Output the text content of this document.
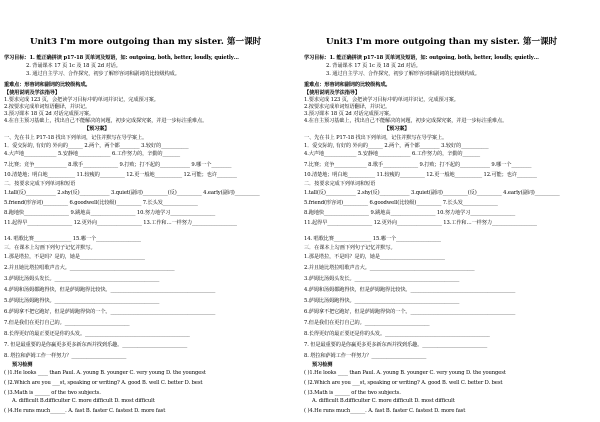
Unit3 I'm more outgoing than my sister. 第一课时
学习目标：1. 能正确拼读 p17-18 页单词及短语，如: outgoing, both, better, loudly, quietly…
2. 背诵课本 17 页 1c 及 18 页 2d 对话。
3. 通过自主学习、合作探究，初步了解形容词和副词的比较级构成。
重难点：形容词和副词的比较级构成。
【使用说明及学法指导】
1.要求完成 123 页，会把读学习目标中的单词并识记，完成预习案。
2.按要求完成单词短语翻译，并识记。
3.预习课本 18 页 2d 对话完成预习案。
4.在自主预习基础上，找出自己不能解决的问题，初步完成探究案，并进一步标注重难点。
【预习案】
一、先在书上 P17-18 找出下列单词，记住并默写在导学案上。
1．爱交际的, 有好的 外向的______ 2.两个，两个都________ 3.较好的___________
4.大声地_____________ 5.安静地_____________ 6.工作努力的，辛勤的_______
7.比赛；竞争_____________ 8.歌手______________ 9.打败；打不起的____________ 9.哪一个________
10.清楚地；明白地___________ 11.较瘦的__________ 12.更一般地___________ 12.可能；也许________
二．按要求完成下列单词和短语
1.tall(反)____________ 2.shy(反)____________ 3.quiet(副词)__________(反)__________ 4.early(副词)__________
5.friend(形容词)__________ 6.goodwell(比较级)__________ 7.长头发______________
8.跑地快__________________ 9.跳地高__________________ 10.努力地学习__________________
11.起得早__________________ 12.更外向__________________ 13.工作和…一样努力__________________
14. 唱歌比赛_______________ 15.哪一个__________________
三．在课本上勾画下列句子记忆并默写。
1.那是塔拉，不是吗？是的，她是__________________________
2.并且她比塔拉唱歌声音大。__________________________________________
3.萨姆比汤姆头发长。__________________________________________
4.萨姆和汤姆都跑得快，但是萨姆跑得比较快。__________________________________________
5.萨姆比汤姆跑得快。__________________________________________
6.萨姆拿不把它跑好，但是萨姆跑得快的一个。__________________________________________
7.但是我们在更打自己的。__________________________
8.长得更好的最正要还是你的头发。__________________________________________
7. 但是最重要的是你赢更多更多新东西并找到乐趣。__________________________
8. 塔拉和萨姆工作一样努力？______________________
预习检测
( )1.He looks ____ than Paul. A. young B. younger C. very young D. the youngest
( )2.Which are you ___st, speaking or writing? A. good B. well C. better D. best
( )3.Math is ______ of the two subjects.
A. difficult B.difficulter C. more difficult D. most difficult
( )4.He runs much______. A. fast B. faster C. fastest D. more fast
Unit3 I'm more outgoing than my sister. 第一课时
学习目标：1. 能正确拼读 p17-18 页单词及短语，如: outgoing, both, better, loudly, quietly…
2. 背诵课本 17 页 1c 及 18 页 2d 对话。
3. 通过自主学习、合作探究，初步了解形容词和副词的比较级构成。
重难点：形容词和副词的比较级构成。
【使用说明及学法指导】
1.要求完成 123 页，会把读学习目标中的单词并识记，完成预习案。
2.按要求完成单词短语翻译，并识记。
3.预习课本 18 页 2d 对话完成预习案。
4.在自主预习基础上，找出自己不能解决的问题，初步完成探究案，并进一步标注重难点。
【预习案】
一、先在书上 P17-18 找出下列单词，记住并默写在导学案上。
1．爱交际的, 有好的 外向的______ 2.两个，两个都________ 3.较好的___________
4.大声地_____________ 5.安静地_____________ 6.工作努力的，辛勤的_______
7.比赛；竞争_____________ 8.歌手______________ 9.打败；打不起的____________ 9.哪一个________
10.清楚地；明白地___________ 11.较瘦的__________ 12.更一般地___________ 12.可能；也许________
二．按要求完成下列单词和短语
1.tall(反)____________ 2.shy(反)____________ 3.quiet(副词)__________(反)__________ 4.early(副词)__________
5.friend(形容词)__________ 6.goodwell(比较级)__________ 7.长头发______________
8.跑地快__________________ 9.跳地高__________________ 10.努力地学习__________________
11.起得早__________________ 12.更外向__________________ 13.工作和…一样努力__________________
14. 唱歌比赛_______________ 15.哪一个__________________
三．在课本上勾画下列句子记忆并默写。
1.那是塔拉，不是吗？是的，她是__________________________
2.并且她比塔拉唱歌声音大。__________________________________________
3.萨姆比汤姆头发长。__________________________________________
4.萨姆和汤姆都跑得快，但是萨姆跑得比较快。__________________________________________
5.萨姆比汤姆跑得快。__________________________________________
6.萨姆拿不把它跑好，但是萨姆跑得快的一个。__________________________________________
7.但是我们在更打自己的。__________________________
8.长得更好的最正要还是你的头发。__________________________________________
7. 但是最重要的是你赢更多更多新东西并找到乐趣。__________________________
8. 塔拉和萨姆工作一样努力？______________________
预习检测
( )1.He looks ____ than Paul. A. young B. younger C. very young D. the youngest
( )2.Which are you ___st, speaking or writing? A. good B. well C. better D. best
( )3.Math is ______ of the two subjects.
A. difficult B.difficulter C. more difficult D. most difficult
( )4.He runs much______. A. fast B. faster C. fastest D. more fast
